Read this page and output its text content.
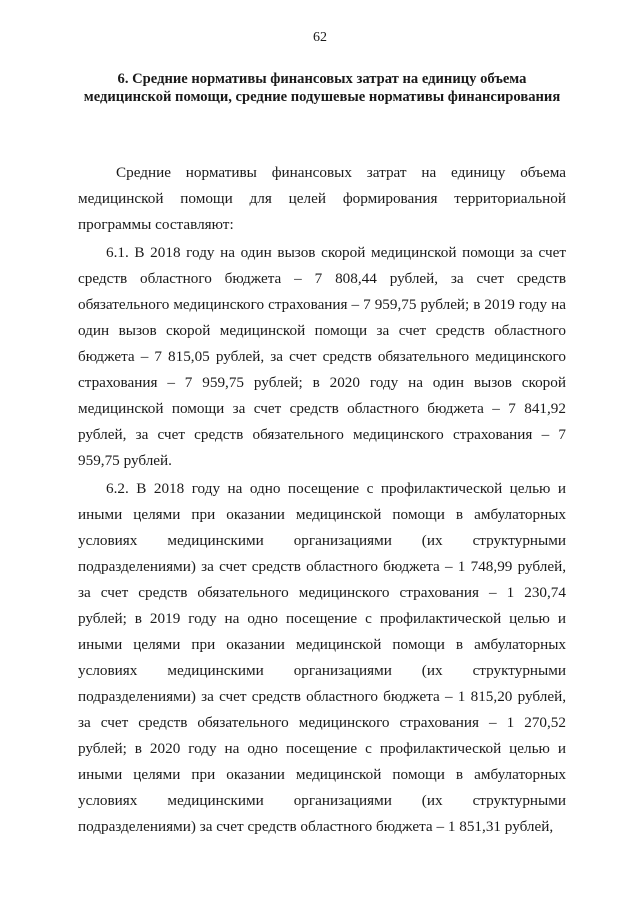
62
6. Средние нормативы финансовых затрат на единицу объема медицинской помощи, средние подушевые нормативы финансирования

Средние нормативы финансовых затрат на единицу объема медицинской помощи для целей формирования территориальной программы составляют:

6.1. В 2018 году на один вызов скорой медицинской помощи за счет средств областного бюджета – 7 808,44 рублей, за счет средств обязательного медицинского страхования – 7 959,75 рублей; в 2019 году на один вызов скорой медицинской помощи за счет средств областного бюджета – 7 815,05 рублей, за счет средств обязательного медицинского страхования – 7 959,75 рублей; в 2020 году на один вызов скорой медицинской помощи за счет средств областного бюджета – 7 841,92 рублей, за счет средств обязательного медицинского страхования – 7 959,75 рублей.

6.2. В 2018 году на одно посещение с профилактической целью и иными целями при оказании медицинской помощи в амбулаторных условиях медицинскими организациями (их структурными подразделениями) за счет средств областного бюджета – 1 748,99 рублей, за счет средств обязательного медицинского страхования – 1 230,74 рублей; в 2019 году на одно посещение с профилактической целью и иными целями при оказании медицинской помощи в амбулаторных условиях медицинскими организациями (их структурными подразделениями) за счет средств областного бюджета – 1 815,20 рублей, за счет средств обязательного медицинского страхования – 1 270,52 рублей; в 2020 году на одно посещение с профилактической целью и иными целями при оказании медицинской помощи в амбулаторных условиях медицинскими организациями (их структурными подразделениями) за счет средств областного бюджета – 1 851,31 рублей,
